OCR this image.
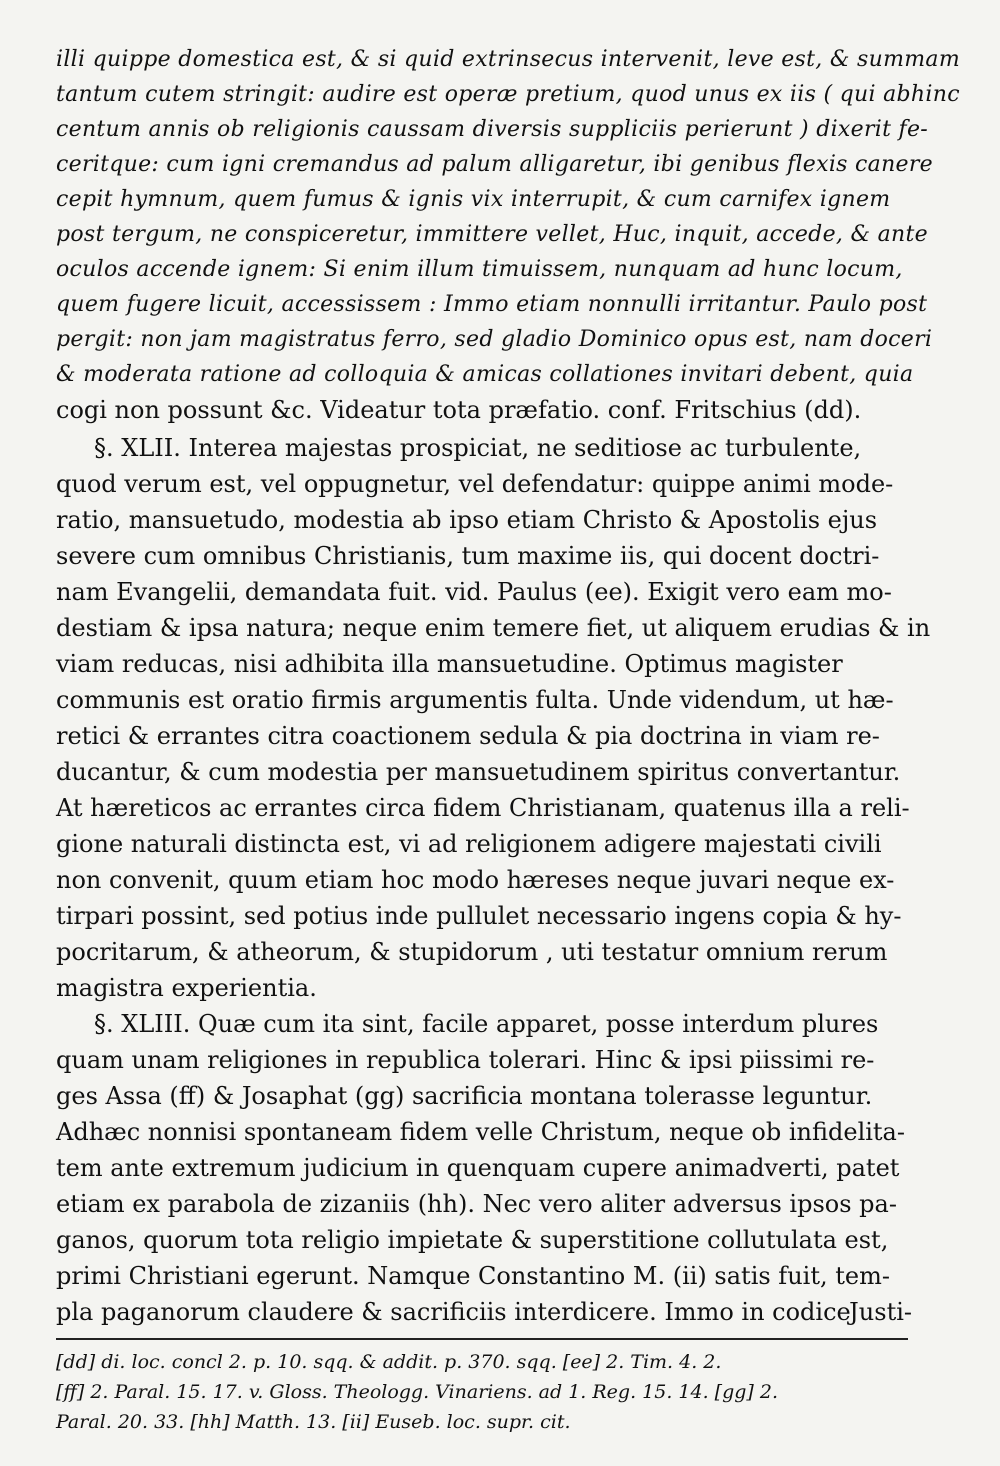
illi quippe domestica est, & si quid extrinsecus intervenit, leve est, & summam
tantum cutem stringit: audire est operæ pretium, quod unus ex iis ( qui abhinc
centum annis ob religionis caussam diversis suppliciis perierunt ) dixerit fe-
ceritque: cum igni cremandus ad palum alligaretur, ibi genibus flexis canere
cepit hymnum, quem fumus & ignis vix interrupit, & cum carnifex ignem
post tergum, ne conspiceretur, immittere vellet, Huc, inquit, accede, & ante
oculos accende ignem: Si enim illum timuissem, nunquam ad hunc locum,
quem fugere licuit, accessissem : Immo etiam nonnulli irritantur. Paulo post
pergit: non jam magistratus ferro, sed gladio Dominico opus est, nam doceri
& moderata ratione ad colloquia & amicas collationes invitari debent, quia
cogi non possunt &c. Videatur tota præfatio. conf. Fritschius (dd).
§. XLII. Interea majestas prospiciat, ne seditiose ac turbulente,
quod verum est, vel oppugnetur, vel defendatur: quippe animi mode-
ratio, mansuetudo, modestia ab ipso etiam Christo & Apostolis ejus
severe cum omnibus Christianis, tum maxime iis, qui docent doctri-
nam Evangelii, demandata fuit. vid. Paulus (ee). Exigit vero eam mo-
destiam & ipsa natura; neque enim temere fiet, ut aliquem erudias & in
viam reducas, nisi adhibita illa mansuetudine. Optimus magister
communis est oratio firmis argumentis fulta. Unde videndum, ut hæ-
retici & errantes citra coactionem sedula & pia doctrina in viam re-
ducantur, & cum modestia per mansuetudinem spiritus convertantur.
At hæreticos ac errantes circa fidem Christianam, quatenus illa a reli-
gione naturali distincta est, vi ad religionem adigere majestati civili
non convenit, quum etiam hoc modo hæreses neque juvari neque ex-
tirpari possint, sed potius inde pullulet necessario ingens copia & hy-
pocritarum, & atheorum, & stupidorum , uti testatur omnium rerum
magistra experientia.
§. XLIII. Quæ cum ita sint, facile apparet, posse interdum plures
quam unam religiones in republica tolerari. Hinc & ipsi piissimi re-
ges Assa (ff) & Josaphat (gg) sacrificia montana tolerasse leguntur.
Adhæc nonnisi spontaneam fidem velle Christum, neque ob infidelita-
tem ante extremum judicium in quenquam cupere animadverti, patet
etiam ex parabola de zizaniis (hh). Nec vero aliter adversus ipsos pa-
ganos, quorum tota religio impietate & superstitione collutulata est,
primi Christiani egerunt. Namque Constantino M. (ii) satis fuit, tem-
pla paganorum claudere & sacrificiis interdicere. Immo in codice
Justi-
[dd] di. loc. concl 2. p. 10. sqq. & addit. p. 370. sqq. [ee] 2. Tim. 4. 2.
[ff] 2. Paral. 15. 17. v. Gloss. Theologg. Vinariens. ad 1. Reg. 15. 14. [gg] 2.
Paral. 20. 33. [hh] Matth. 13. [ii] Euseb. loc. supr. cit.
